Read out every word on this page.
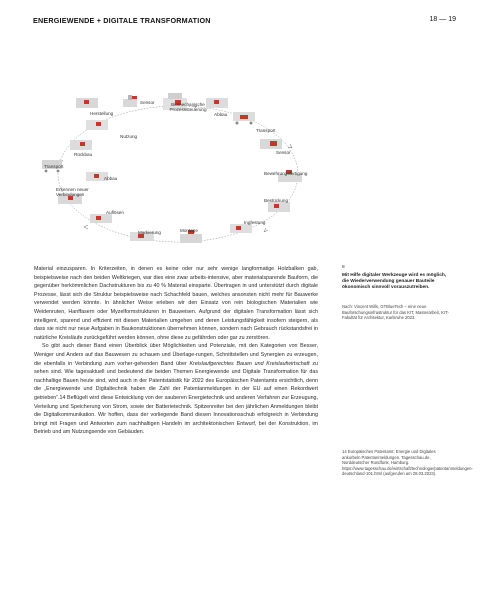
ENERGIEWENDE + DIGITALE TRANSFORMATION	18 — 19
Sensor
Herstellung
Biomechanische Prozesssteuerung
Abbau
Nutzung
Transport
Rückbau	Sensor
Transport
Abbau
Bewehrungsfertigung
Erkennen neuer Verbindungen
Bestückung
Auflösen
Markierung	Montage
Ingfestung

Material einzusparen. In Kriterzeiten, in denen es keine oder nur sehr wenige langformatige Holzbalken gab, beispielsweise nach den beiden Weltkriegen, war dies eine zwar arbeits-intensive, aber materialsparende Bauform, die gegenüber herkömmlichen Dachstrukturen bis zu 40 % Material einsparte. Übertragen in und unterstützt durch digitale Prozesse, lässt sich die Struktur beispielsweise nach Schachfeld bauen, welches ansonsten nicht mehr für Bauwerke verwendet werden könnte. In ähnlicher Weise erleben wir den Einsatz von rein biologischen Materialien wie Weidenruten, Hanffasern oder Myzelformstrukturen in Bauweisen. Aufgrund der digitalen Transformation lässt sich intelligent, sparend und effizient mit diesen Materialien umgehen und deren Leistungsfähigkeit insofern steigern, als dass sie nicht nur neue Aufgaben in Baukonstruktionen übernehmen können, sondern nach Gebrauch rückstandsfrei in natürliche Kreisläufe zurückgeführt werden können, ohne diese zu gefährden oder gar zu zerstören.

So gibt auch dieser Band einen Überblick über Möglichkeiten und Potenziale, mit den Kategorien von Besser, Weniger und Anders auf das Bauwesen zu schauen und Überlage-rungen, Schnittstellen und Synergien zu erzeugen, die ebenfalls in Verbindung zum vorher-gehenden Band über Kreislaufgerechtes Bauen und Kreislaufwirtschaft zu sehen sind. Wie tagesaktuell und bedeutend die beiden Themen Energiewende und Digitale Transformation für das nachhaltige Bauen heute sind, wird auch in der Patentstatistik für 2022 des Europäischen Patentamts ersichtlich, denn die „Energiewende und Digitaltechnik haben die Zahl der Patentanmeldungen in der EU auf einen Rekordwert getrieben“.14 Beflügelt wird diese Entwicklung von der sauberen Energietechnik und anderen Verfahren zur Erzeugung, Verteilung und Speicherung von Strom, sowie der Batterietechnik. Spitzenreiter bei den jährlichen Anmeldungen bleibt die Digitalkommunikation. Wir hoffen, dass der vorliegende Band diesen Innovationsschub erfolgreich in Verbindung bringt mit Fragen und Antworten zum nachhaltigen Handeln im architektonischen Entwurf, bei der Konstruktion, im Betrieb und am Nutzungsende von Gebäuden.

8
Mit Hilfe digitaler Werkzeuge wird es möglich, die Wiederverwendung genauer Bauteile ökonomisch sinnvoll vorauszutreiben.
Nach: Vincent Wills, GTBlueTech – eine neue Bauforschungsinfrastruktur für das KIT, Masterarbeit, KIT-Fakultät für Architektur, Karlsruhe 2023.
14 Europäisches Patentamt: Energie und Digitales ankurbeln Patentanmeldungen. Tagesschau.de, Norddeutscher Rundfunk, Hamburg. https://www.tagesschau.de/wirtschaft/technologie/patentanmeldungen-deutschland-101.html (aufgerufen am 28.03.2023).
